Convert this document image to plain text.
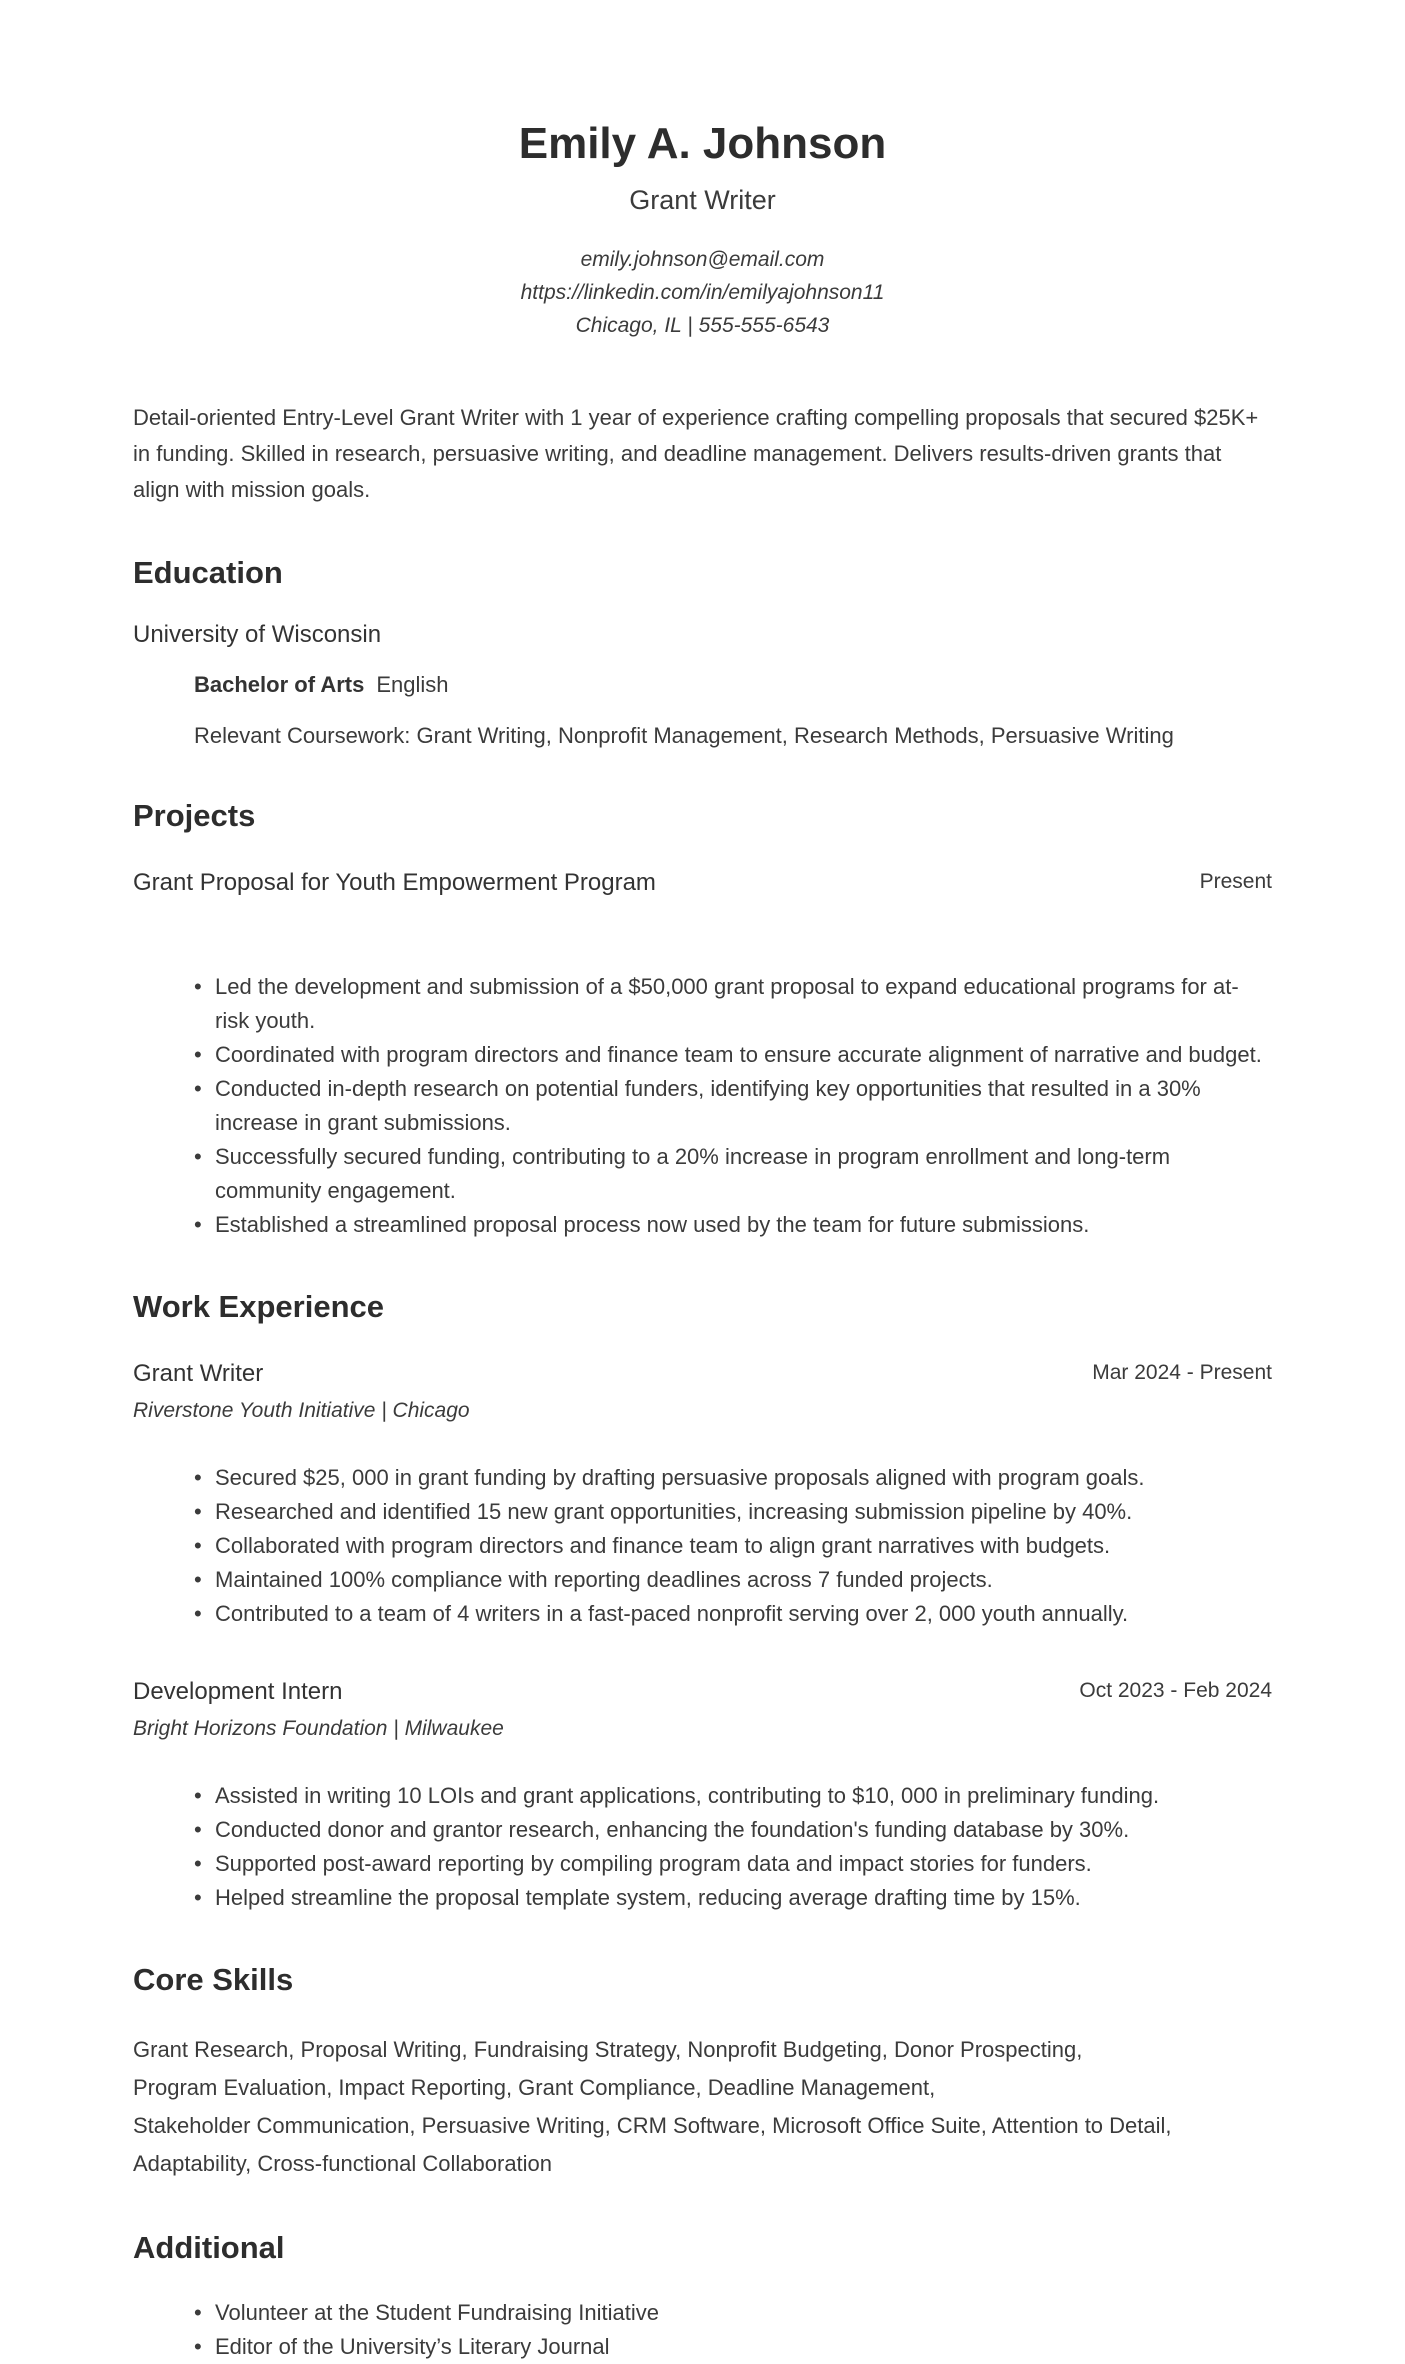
Emily A. Johnson
Grant Writer
emily.johnson@email.com
https://linkedin.com/in/emilyajohnson11
Chicago, IL | 555-555-6543
Detail-oriented Entry-Level Grant Writer with 1 year of experience crafting compelling proposals that secured $25K+ in funding. Skilled in research, persuasive writing, and deadline management. Delivers results-driven grants that align with mission goals.
Education
University of Wisconsin
Bachelor of Arts English
Relevant Coursework: Grant Writing, Nonprofit Management, Research Methods, Persuasive Writing
Projects
Grant Proposal for Youth Empowerment Program	Present
• Led the development and submission of a $50,000 grant proposal to expand educational programs for at-risk youth.
• Coordinated with program directors and finance team to ensure accurate alignment of narrative and budget.
• Conducted in-depth research on potential funders, identifying key opportunities that resulted in a 30% increase in grant submissions.
• Successfully secured funding, contributing to a 20% increase in program enrollment and long-term community engagement.
• Established a streamlined proposal process now used by the team for future submissions.
Work Experience
Grant Writer	Mar 2024 - Present
Riverstone Youth Initiative | Chicago
• Secured $25, 000 in grant funding by drafting persuasive proposals aligned with program goals.
• Researched and identified 15 new grant opportunities, increasing submission pipeline by 40%.
• Collaborated with program directors and finance team to align grant narratives with budgets.
• Maintained 100% compliance with reporting deadlines across 7 funded projects.
• Contributed to a team of 4 writers in a fast-paced nonprofit serving over 2, 000 youth annually.
Development Intern	Oct 2023 - Feb 2024
Bright Horizons Foundation | Milwaukee
• Assisted in writing 10 LOIs and grant applications, contributing to $10, 000 in preliminary funding.
• Conducted donor and grantor research, enhancing the foundation's funding database by 30%.
• Supported post-award reporting by compiling program data and impact stories for funders.
• Helped streamline the proposal template system, reducing average drafting time by 15%.
Core Skills
Grant Research, Proposal Writing, Fundraising Strategy, Nonprofit Budgeting, Donor Prospecting,
Program Evaluation, Impact Reporting, Grant Compliance, Deadline Management,
Stakeholder Communication, Persuasive Writing, CRM Software, Microsoft Office Suite, Attention to Detail,
Adaptability, Cross-functional Collaboration
Additional
• Volunteer at the Student Fundraising Initiative
• Editor of the University’s Literary Journal
